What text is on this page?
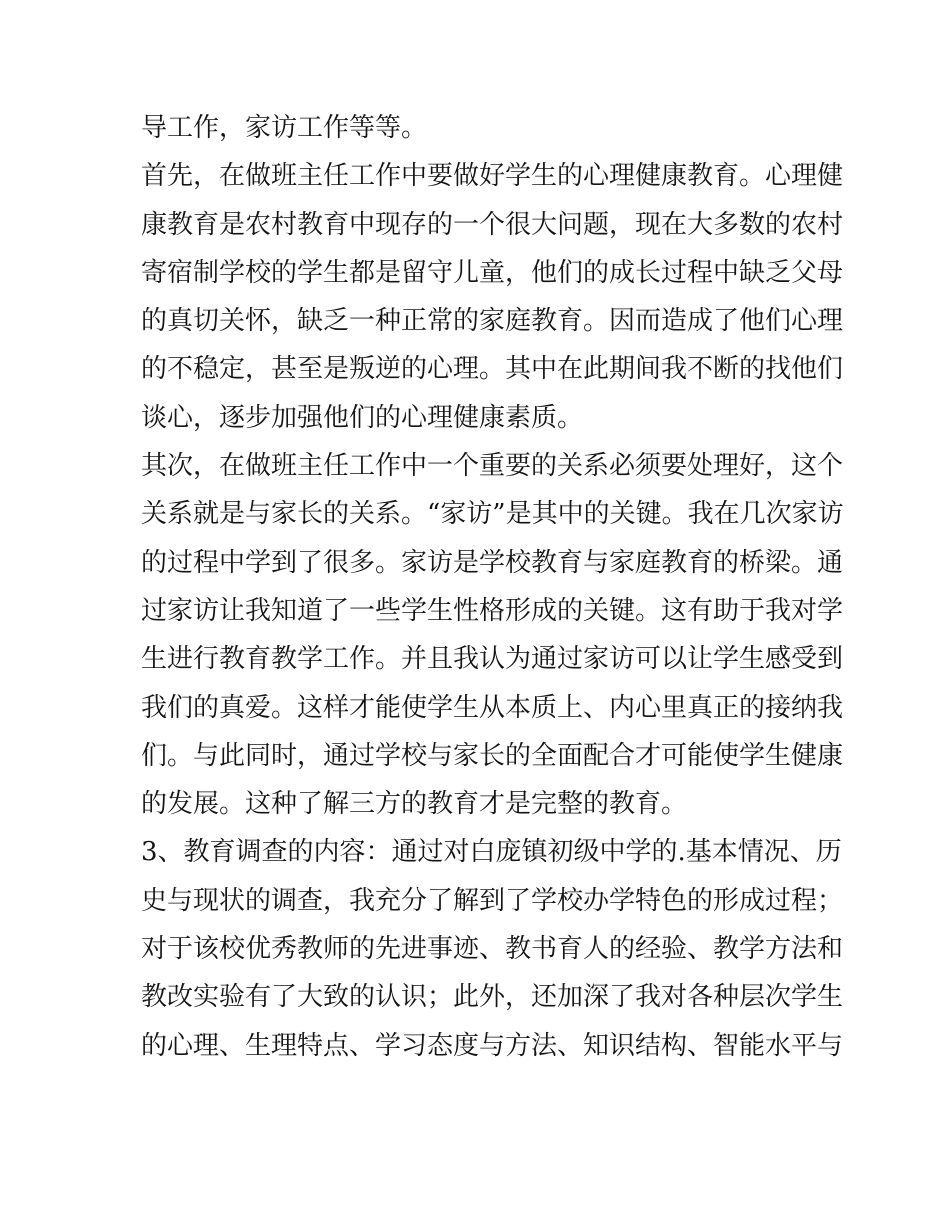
导工作，家访工作等等。
首先，在做班主任工作中要做好学生的心理健康教育。心理健
康教育是农村教育中现存的一个很大问题，现在大多数的农村
寄宿制学校的学生都是留守儿童，他们的成长过程中缺乏父母
的真切关怀，缺乏一种正常的家庭教育。因而造成了他们心理
的不稳定，甚至是叛逆的心理。其中在此期间我不断的找他们
谈心，逐步加强他们的心理健康素质。
其次，在做班主任工作中一个重要的关系必须要处理好，这个
关系就是与家长的关系。“家访”是其中的关键。我在几次家访
的过程中学到了很多。家访是学校教育与家庭教育的桥梁。通
过家访让我知道了一些学生性格形成的关键。这有助于我对学
生进行教育教学工作。并且我认为通过家访可以让学生感受到
我们的真爱。这样才能使学生从本质上、内心里真正的接纳我
们。与此同时，通过学校与家长的全面配合才可能使学生健康
的发展。这种了解三方的教育才是完整的教育。
3、教育调查的内容：通过对白庞镇初级中学的.基本情况、历
史与现状的调查，我充分了解到了学校办学特色的形成过程；
对于该校优秀教师的先进事迹、教书育人的经验、教学方法和
教改实验有了大致的认识；此外，还加深了我对各种层次学生
的心理、生理特点、学习态度与方法、知识结构、智能水平与
